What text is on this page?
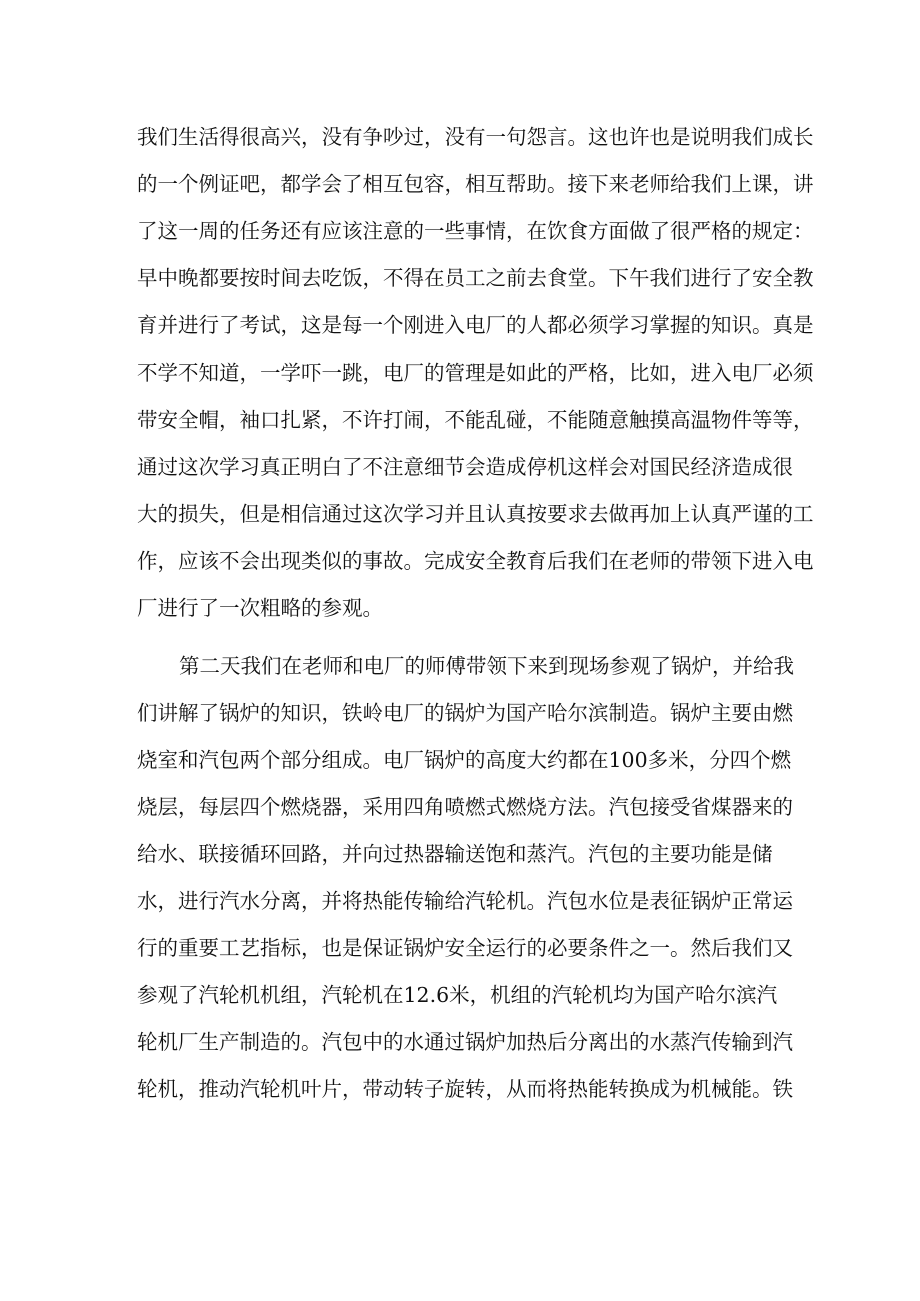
我们生活得很高兴，没有争吵过，没有一句怨言。这也许也是说明我们成长
的一个例证吧，都学会了相互包容，相互帮助。接下来老师给我们上课，讲
了这一周的任务还有应该注意的一些事情，在饮食方面做了很严格的规定：
早中晚都要按时间去吃饭，不得在员工之前去食堂。下午我们进行了安全教
育并进行了考试，这是每一个刚进入电厂的人都必须学习掌握的知识。真是
不学不知道，一学吓一跳，电厂的管理是如此的严格，比如，进入电厂必须
带安全帽，袖口扎紧，不许打闹，不能乱碰，不能随意触摸高温物件等等，
通过这次学习真正明白了不注意细节会造成停机这样会对国民经济造成很
大的损失，但是相信通过这次学习并且认真按要求去做再加上认真严谨的工
作，应该不会出现类似的事故。完成安全教育后我们在老师的带领下进入电
厂进行了一次粗略的参观。
第二天我们在老师和电厂的师傅带领下来到现场参观了锅炉，并给我
们讲解了锅炉的知识，铁岭电厂的锅炉为国产哈尔滨制造。锅炉主要由燃
烧室和汽包两个部分组成。电厂锅炉的高度大约都在100多米，分四个燃
烧层，每层四个燃烧器，采用四角喷燃式燃烧方法。汽包接受省煤器来的
给水、联接循环回路，并向过热器输送饱和蒸汽。汽包的主要功能是储
水，进行汽水分离，并将热能传输给汽轮机。汽包水位是表征锅炉正常运
行的重要工艺指标，也是保证锅炉安全运行的必要条件之一。然后我们又
参观了汽轮机机组，汽轮机在12.6米，机组的汽轮机均为国产哈尔滨汽
轮机厂生产制造的。汽包中的水通过锅炉加热后分离出的水蒸汽传输到汽
轮机，推动汽轮机叶片，带动转子旋转，从而将热能转换成为机械能。铁
